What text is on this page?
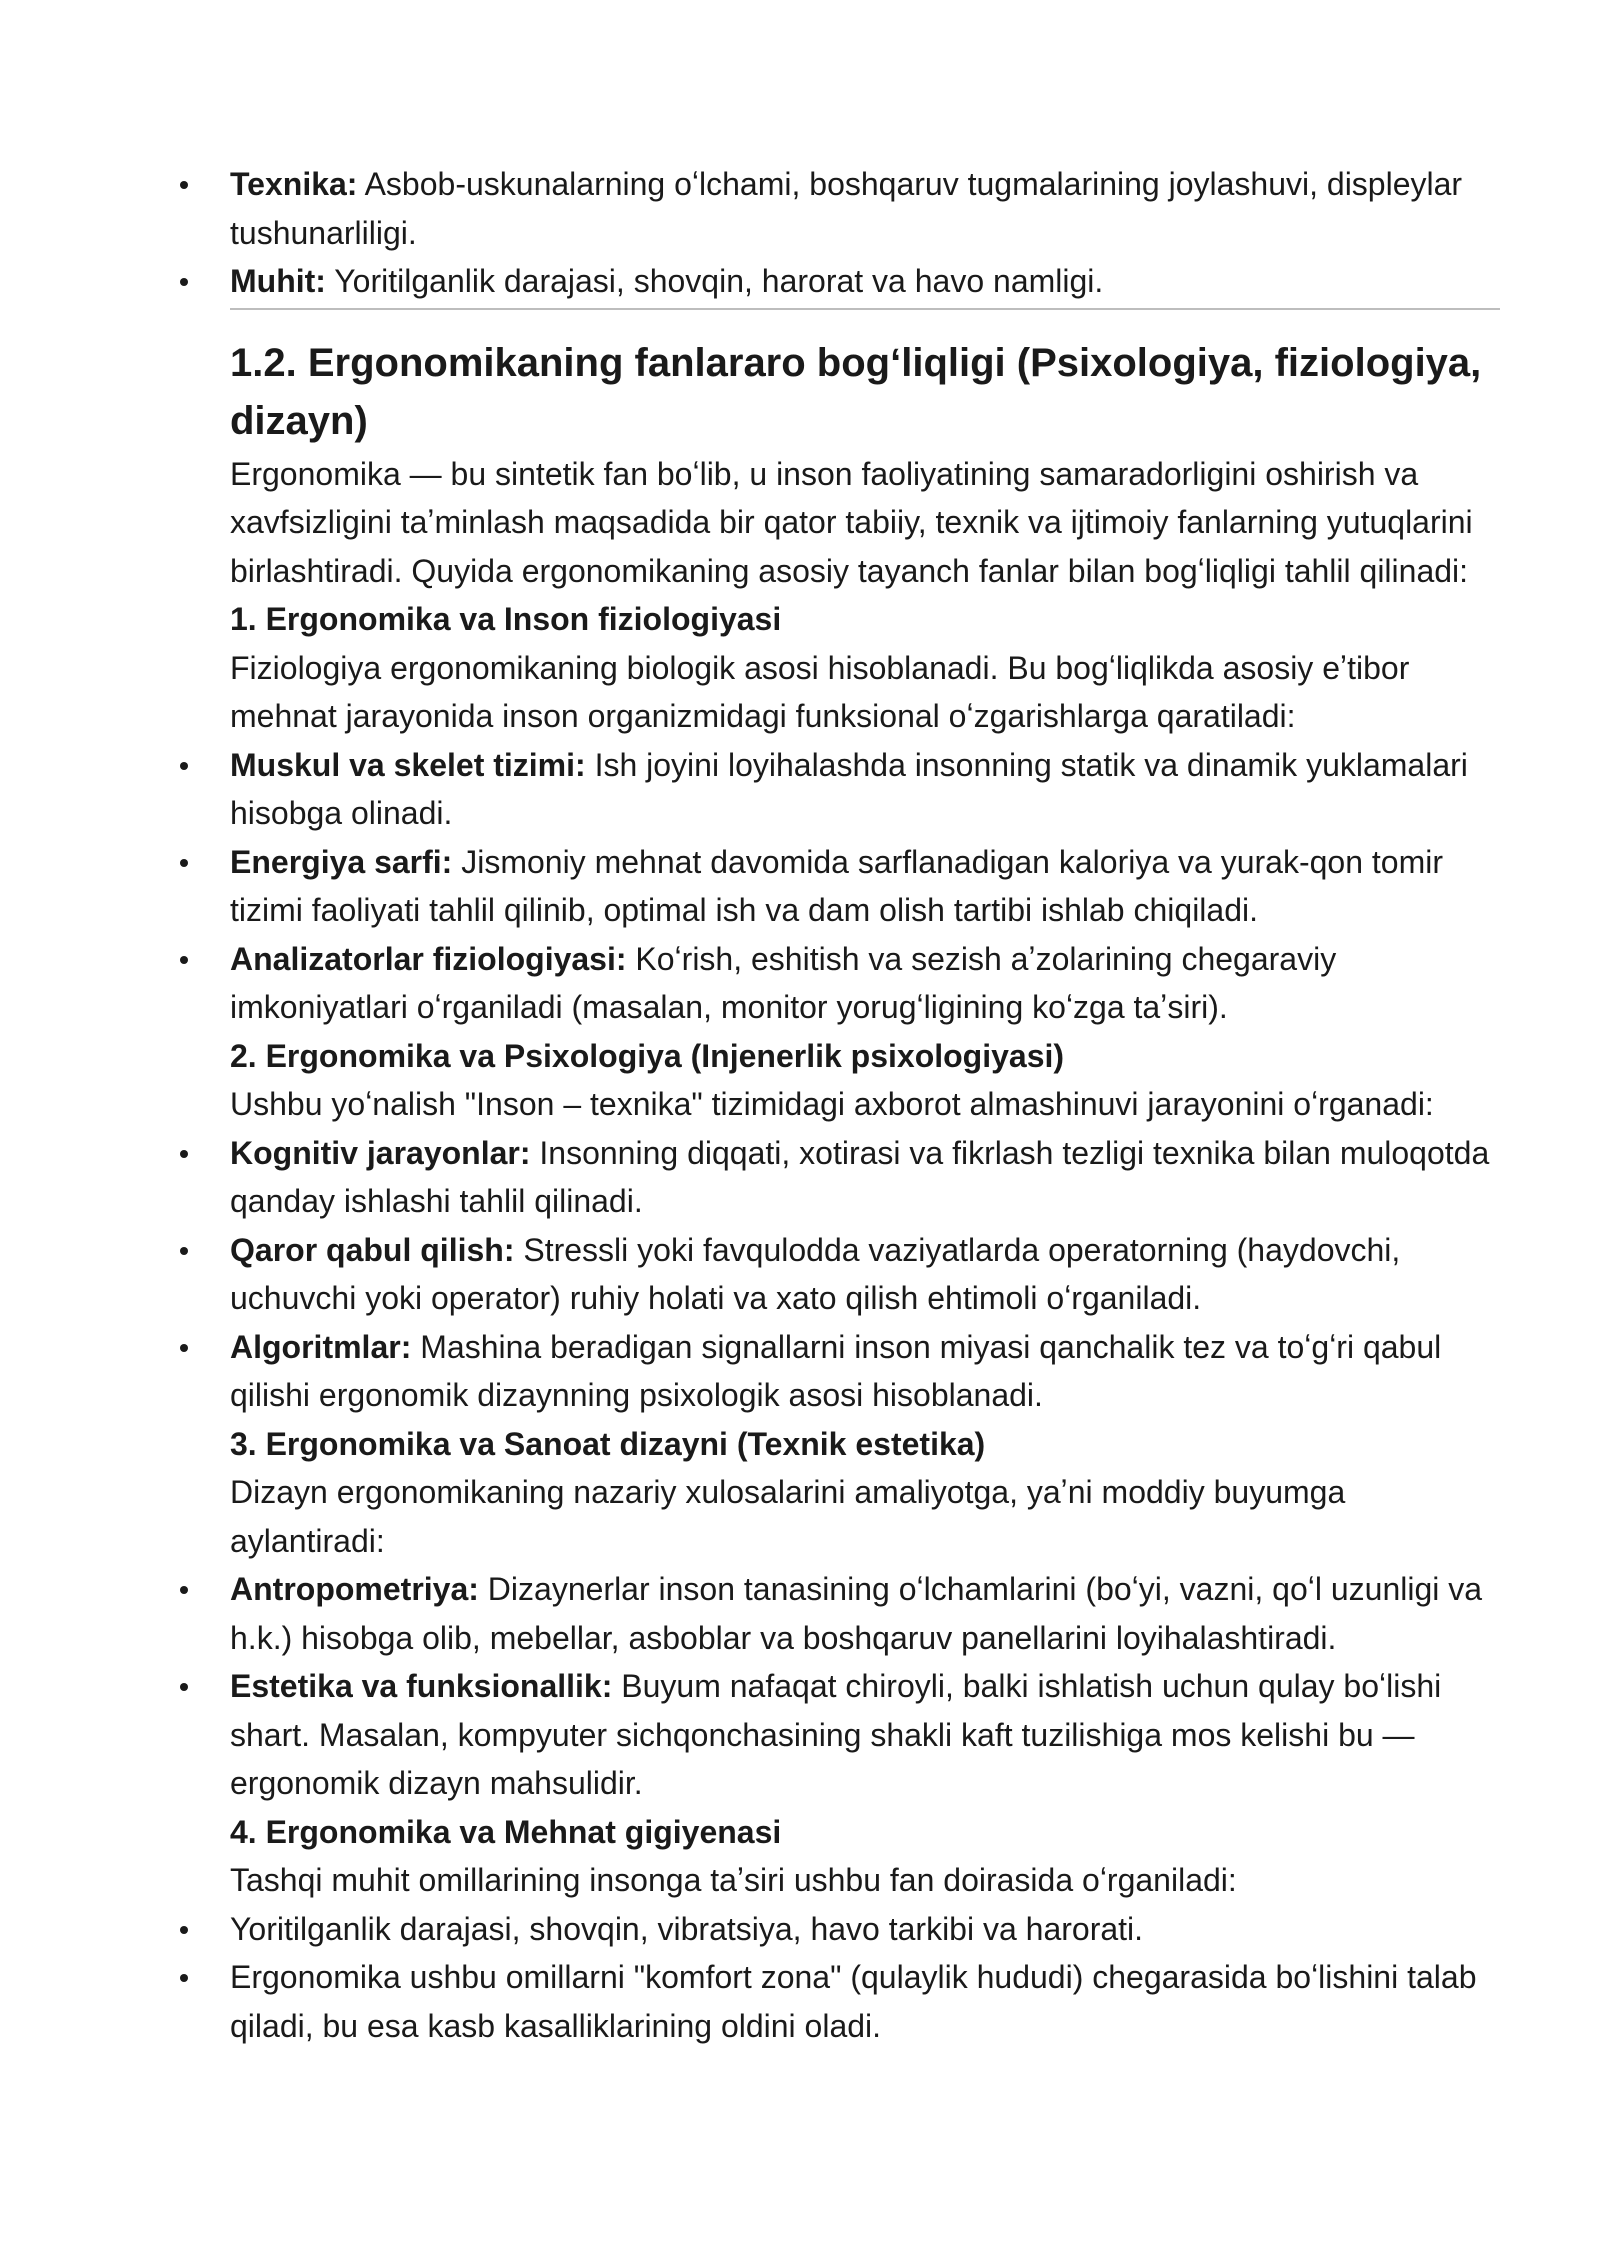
Texnika: Asbob-uskunalarning oʻlchami, boshqaruv tugmalarining joylashuvi, displeylar tushunarliligi.

Muhit: Yoritilganlik darajasi, shovqin, harorat va havo namligi.

1.2. Ergonomikaning fanlararo bogʻliqligi (Psixologiya, fiziologiya, dizayn)

Ergonomika — bu sintetik fan boʻlib, u inson faoliyatining samaradorligini oshirish va xavfsizligini taʼminlash maqsadida bir qator tabiiy, texnik va ijtimoiy fanlarning yutuqlarini birlashtiradi. Quyida ergonomikaning asosiy tayanch fanlar bilan bogʻliqligi tahlil qilinadi:

1. Ergonomika va Inson fiziologiyasi

Fiziologiya ergonomikaning biologik asosi hisoblanadi. Bu bogʻliqlikda asosiy eʼtibor mehnat jarayonida inson organizmidagi funksional oʻzgarishlarga qaratiladi:

Muskul va skelet tizimi: Ish joyini loyihalashda insonning statik va dinamik yuklamalari hisobga olinadi.

Energiya sarfi: Jismoniy mehnat davomida sarflanadigan kaloriya va yurak-qon tomir tizimi faoliyati tahlil qilinib, optimal ish va dam olish tartibi ishlab chiqiladi.

Analizatorlar fiziologiyasi: Koʻrish, eshitish va sezish aʼzolarining chegaraviy imkoniyatlari oʻrganiladi (masalan, monitor yorugʻligining koʻzga taʼsiri).

2. Ergonomika va Psixologiya (Injenerlik psixologiyasi)

Ushbu yoʻnalish "Inson – texnika" tizimidagi axborot almashinuvi jarayonini oʻrganadi:

Kognitiv jarayonlar: Insonning diqqati, xotirasi va fikrlash tezligi texnika bilan muloqotda qanday ishlashi tahlil qilinadi.

Qaror qabul qilish: Stressli yoki favqulodda vaziyatlarda operatorning (haydovchi, uchuvchi yoki operator) ruhiy holati va xato qilish ehtimoli oʻrganiladi.

Algoritmlar: Mashina beradigan signallarni inson miyasi qanchalik tez va toʻgʻri qabul qilishi ergonomik dizaynning psixologik asosi hisoblanadi.

3. Ergonomika va Sanoat dizayni (Texnik estetika)

Dizayn ergonomikaning nazariy xulosalarini amaliyotga, yaʼni moddiy buyumga aylantiradi:

Antropometriya: Dizaynerlar inson tanasining oʻlchamlarini (boʻyi, vazni, qoʻl uzunligi va h.k.) hisobga olib, mebellar, asboblar va boshqaruv panellarini loyihalashtiradi.

Estetika va funksionallik: Buyum nafaqat chiroyli, balki ishlatish uchun qulay boʻlishi shart. Masalan, kompyuter sichqonchasining shakli kaft tuzilishiga mos kelishi bu — ergonomik dizayn mahsulidir.

4. Ergonomika va Mehnat gigiyenasi

Tashqi muhit omillarining insonga taʼsiri ushbu fan doirasida oʻrganiladi:

Yoritilganlik darajasi, shovqin, vibratsiya, havo tarkibi va harorati.

Ergonomika ushbu omillarni "komfort zona" (qulaylik hududi) chegarasida boʻlishini talab qiladi, bu esa kasb kasalliklarining oldini oladi.
